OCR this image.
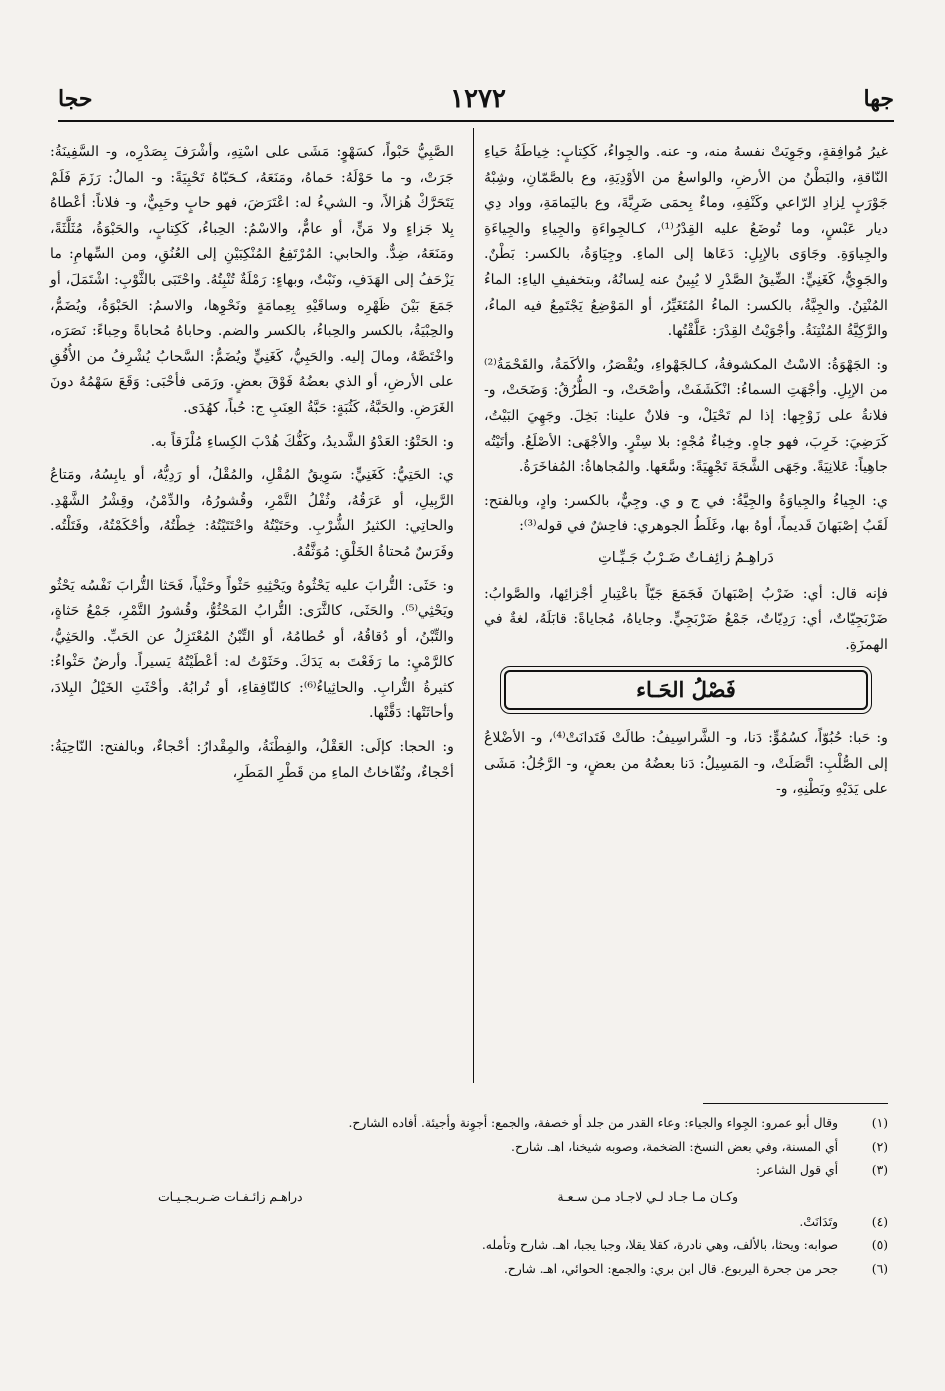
جها
١٢٧٢
حجا

غيرُ مُوافِقةٍ، وجَوِيَتْ نفسهُ منه، و- عنه. والجِواءُ، كَكِتابٍ: خِياطَةُ حَياءِ النّاقةِ، والبَطْنُ من الأرضِ، والواسعُ من الأوْدِيَةِ، وع بالصَّمّانِ، وشِبْهُ جَوْرَبٍ لِزادِ الرّاعي وكَنْفِهِ، وماءٌ بِحمَى ضَرِيَّةَ، وع باليَمامَةِ، وواد دِي ديار عَبْسٍ، وما تُوضَعُ عليه القِدْرُ⁽¹⁾، كـالجِواءَةِ والجِياءِ والجِياءَةِ والجِياوَةِ. وجَاوَى بالإبِلِ: دَعَاها إلى الماءِ. وجِيَاوَةُ، بالكسر: بَطْنٌ. والجَوِيُّ، كَغَنِيٍّ: الضِّيقُ الصَّدْرِ لا يُبِينُ عنه لِسانُهُ، وبتخفيفِ الياءِ: الماءُ المُنْتِنُ. والجِيَّةُ، بالكسر: الماءُ المُتَغَيِّرُ، أو المَوْضِعُ يَجْتَمِعُ فيه الماءُ، والرَّكِيَّةُ المُنْتِنَةُ. وأجْوَيْتُ القِدْرَ: عَلَّقْتُها.

و: الجَهْوَةُ: الاسْتُ المكشوفةُ، كـالجَهْواءِ، ويُقْصَرُ، والأكَمَةُ، والقَحْمَةُ⁽²⁾ من الإبِلِ. وأجْهَتِ السماءُ: انْكَشَفَتْ، وأصْحَتْ، و- الطُّرُقُ: وَضَحَتْ، و- فلانةُ على زَوْجِها: إذا لم تَحْيَلْ، و- فلانٌ علينا: بَخِلَ. وجَهِيَ البَيْتُ، كَرَضِيَ: خَرِبَ، فهو جاهٍ. وخِباءٌ مُجْهٍ: بلا سِتْرٍ. والأجْهَى: الأصْلَعُ. وأتَيْتُه جاهِياً: عَلانِيَةً. وجَهَى الشَّجَةَ تَجْهِيَةً: وسَّعَها. والمُجاهاةُ: المُفاخَرَةُ.

ي: الجِياءُ والجِياوَةُ والجِيَّةُ: في ج و ي. وجِيٌّ، بالكسر: وادٍ، وبالفتح: لَقَبُ إصْبَهانَ قَديماً، أوهُ بها، وغَلَطُ الجوهري: فاحِشٌ في قوله⁽³⁾:

دَراهِـمُ زائِفـاتٌ ضَـرْبُ جَـيِّـاتِ

فإنه قال: أي: ضَرْبُ إصْبَهانَ فَجَمَعَ جَيّاً باعْتِبارِ أجْزائِها، والصَّوابُ: ضَرْبَجِيّاتٌ، أي: رَدِيّاتٌ، جَمْعُ ضَرْبَجِيٍّ. وجاياهُ، مُجاياةً: قابَلَهُ، لغةٌ في الهمزَةِ.

فَصْلُ الحَـاء

و: حَبا: حُبُوّاً، كسُمُوٍّ: دَنا، و- الشَّراسِيفُ: طالَتْ فَتَدانَتْ⁽⁴⁾، و- الأضْلاعُ إلى الصُّلْبِ: اتَّصَلَتْ، و- المَسِيلُ: دَنا بعضُهُ من بعضٍ، و- الرَّجُلُ: مَشَى على يَدَيْهِ وبَطْنِهِ، و-

الصَّبِيُّ حَبْواً، كسَهْوٍ: مَشَى على اسْتِهِ، وأشْرَفَ بِصَدْرِه، و- السَّفِينَةُ: جَرَتْ، و- ما حَوْلَهُ: حَماهُ، ومَنَعَهُ، كـحَبّاهُ تَحْبِيَةً: و- المالُ: رَزَمَ فَلَمْ يَتَحَرَّكْ هُزالاً، و- الشيءُ له: اعْتَرَضَ، فهو حابٍ وحَبِيٌّ، و- فلاناً: أعْطاهُ بِلا جَزاءٍ ولا مَنٍّ، أو عامٌّ، والاسْمُ: الحِباءُ، كَكِتابٍ، والحَبْوَةُ، مُثَلَّثَةً، ومَنَعَهُ، ضِدٌّ. والحابي: المُرْتَفِعُ المُنْكِبَيْنِ إلى العُنُقِ، ومن السِّهامِ: ما يَزْحَفُ إلى الهَدَفِ، ونَبْتٌ، وبهاءٍ: رَمْلَةٌ تُنْبِتُهُ. واحْتَبَى بالثَّوْبِ: اشْتَمَلَ، أو جَمَعَ بَيْنَ ظَهْرِه وساقَيْهِ بِعِمامَةٍ ونَحْوِها، والاسمُ: الحَبْوَةُ، ويُضَمُّ، والحِبْيَةُ، بالكسر والحِباءُ، بالكسر والضم. وحاباهُ مُحاباةً وحِباءً: نَصَرَه، واخْتَصَّهُ، ومالَ إليه. والحَبِيُّ، كَغَنِيٍّ ويُضَمُّ: السَّحابُ يُشْرِفُ من الأُفُقِ على الأرضِ، أو الذي بعضُهُ فَوْقَ بعضٍ. ورَمَى فأحْبَى: وَقَعَ سَهْمُهُ دونَ الغَرَضِ. والحَبَّةُ، كَثُبَةٍ: حَبَّةُ العِنَبِ ج: حُباً، كهُدَى.

و: الحَتْوُ: العَدْوُ الشَّديدُ، وكَفُّكَ هُدْبَ الكِساءِ مُلْزَقاً به.

ي: الحَتِيُّ: كَغَنِيٍّ: سَوِيقُ المُقْلِ، والمُقْلُ، أو رَدِيُّهُ، أو يابِسُهُ، ومَتاعُ الرَّبِيلِ، أو عَرَقُهُ، وثُفْلُ التَّمْرِ، وقُشورُهُ، والدِّمْنُ، وقِشْرُ الشَّهْدِ. والحاتِي: الكثيرُ الشُّرْبِ. وحَتَيْتُهُ واحْتَتَيْتُهُ: خِطْتُهُ، وأحْكَمْتُهُ، وفَتَلْتُه. وفَرَسٌ مُحتاةُ الخَلْقِ: مُوَثَّقُهُ.

و: حَثَى: التُّرابَ عليه يَحْثُوهُ ويَحْثِيهِ حَثْواً وحَثْياً، فَحَثا التُّرابَ نَفْسُه يَحْثُو ويَحْثِي⁽⁵⁾. والحَثَى، كالثَّرَى: التُّرابُ المَحْثُوُّ، وقُشورُ التَّمْرِ، جَمْعُ حَثاةٍ، والتِّبْنُ، أو دُقاقُهُ، أو حُطامُهُ، أو التِّبْنُ المُعْتَزِلُ عن الحَبِّ. والحَثِيُّ، كالرَّمْيِ: ما رَفَعْتَ به يَدَكَ. وحَثَوْتُ له: أعْطَيْتُهُ يَسيراً. وأرضٌ حَثْواءُ: كثيرةُ التُّرابِ. والحاثِياءُ⁽⁶⁾: كالنّافِقاءِ، أو تُرابُهُ. وأحْثَتِ الخَيْلُ البِلادَ، وأحاثَتْها: دَقَّتْها.

و: الحجا: كإلَى: العَقْلُ، والفِطْنَةُ، والمِقْدارُ: أحْجاءٌ، وبالفتح: النّاحِيَةُ: أحْجاءٌ، ونُفّاخاتُ الماءِ من قَطْرِ المَطَرِ،

(١)
وقال أبو عمرو: الجِواء والجياء: وعاء القدر من جلد أو خصفة، والجمع: أجوِنة وأجيئة. أفاده الشارح.
(٢)
أي المسنة، وفي بعض النسخ: الضخمة، وصوبه شيخنا، اهـ. شارح.
(٣)
أي قول الشاعر:
وكـان مـا جـاد لـي لاجـاد مـن سـعـة
دراهـم زائـفـات ضـربـجـيـات
(٤)
وتَدَانَتْ.
(٥)
صوابه: ويحثا، بالألف، وهي نادرة، كقلا يقلا، وجبا يجبا، اهـ. شارح وتأمله.
(٦)
جحر من جحرة اليربوع. قال ابن بري: والجمع: الحوائي، اهـ. شارح.
